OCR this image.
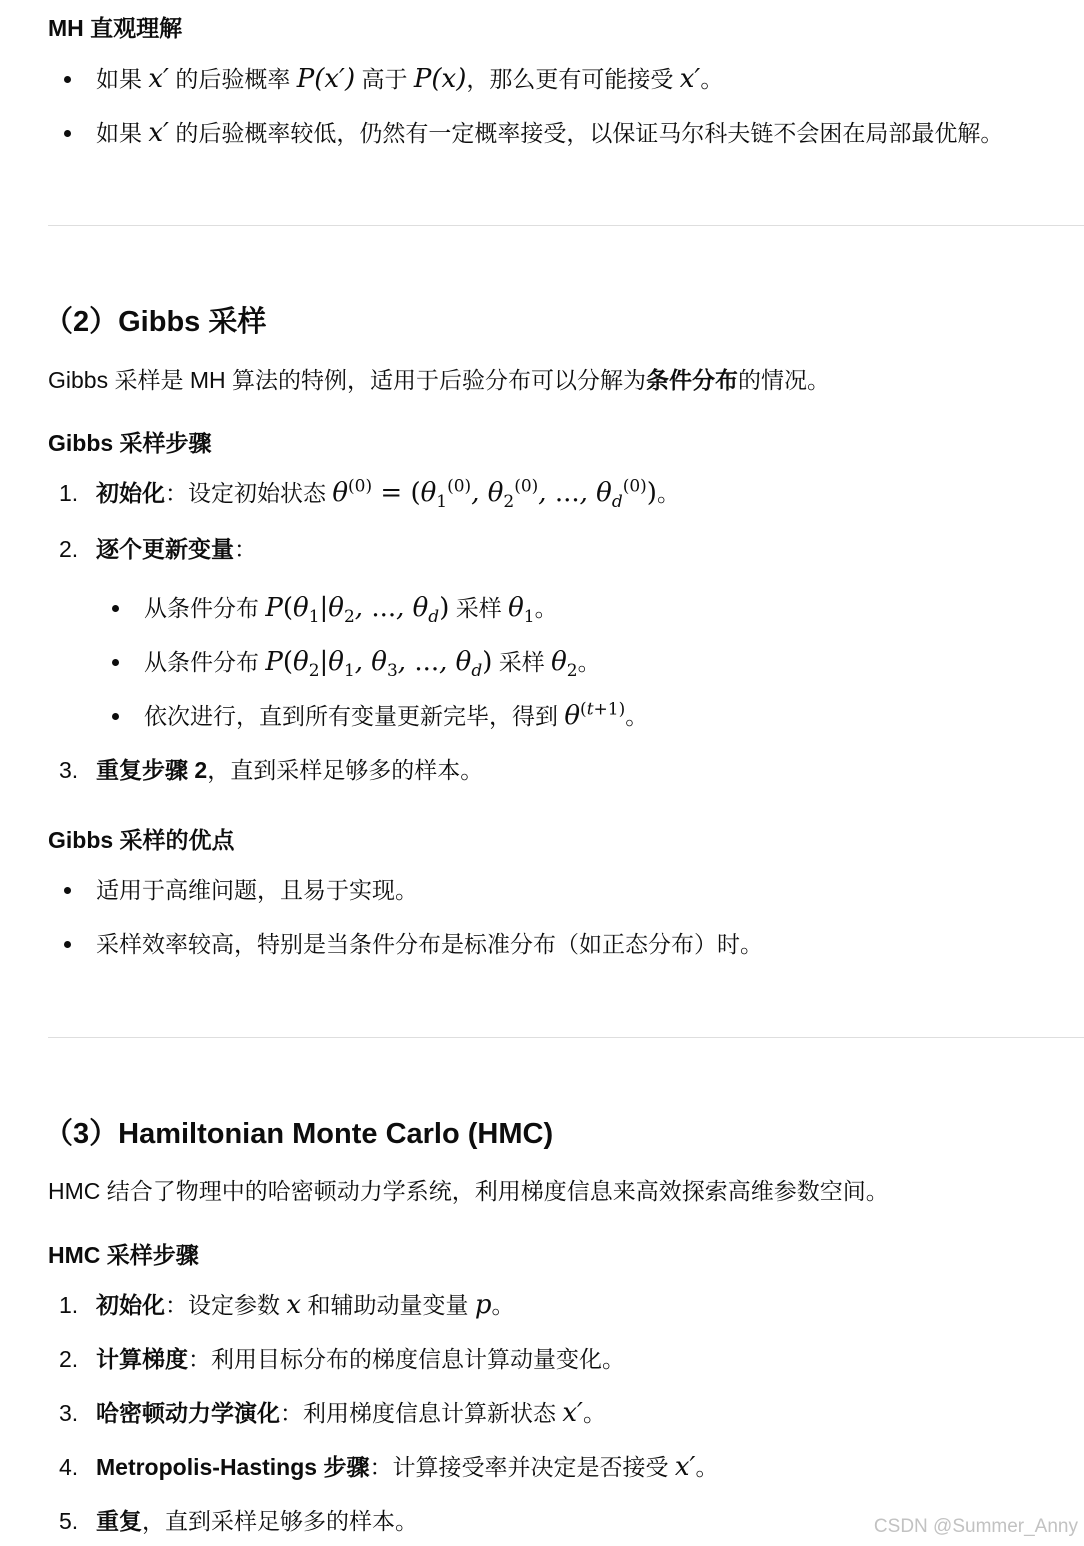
MH 直观理解
如果 x′ 的后验概率 P(x′) 高于 P(x)，那么更有可能接受 x′。
如果 x′ 的后验概率较低，仍然有一定概率接受，以保证马尔科夫链不会困在局部最优解。
（2）Gibbs 采样
Gibbs 采样是 MH 算法的特例，适用于后验分布可以分解为条件分布的情况。
Gibbs 采样步骤
1. 初始化：设定初始状态 $\theta^{(0)} = (\theta_1^{(0)}$, $\theta_2^{(0)}$, ..., $\theta_d^{(0)}$)。
2. 逐个更新变量：
从条件分布 $P(\theta_1|\theta_2$, ..., $\theta_d$) 采样 $\theta_1$。
从条件分布 $P(\theta_2|\theta_1$, $\theta_3$, ..., $\theta_d$) 采样 $\theta_2$。
依次进行，直到所有变量更新完毕，得到 $\theta^{(t+1)}$。
3. 重复步骤 2，直到采样足够多的样本。
Gibbs 采样的优点
适用于高维问题，且易于实现。
采样效率较高，特别是当条件分布是标准分布（如正态分布）时。
（3）Hamiltonian Monte Carlo (HMC)
HMC 结合了物理中的哈密顿动力学系统，利用梯度信息来高效探索高维参数空间。
HMC 采样步骤
1. 初始化：设定参数 x 和辅助动量变量 p。
2. 计算梯度：利用目标分布的梯度信息计算动量变化。
3. 哈密顿动力学演化：利用梯度信息计算新状态 x′。
4. Metropolis-Hastings 步骤：计算接受率并决定是否接受 x′。
5. 重复，直到采样足够多的样本。	CSDN @Summer_Anny
